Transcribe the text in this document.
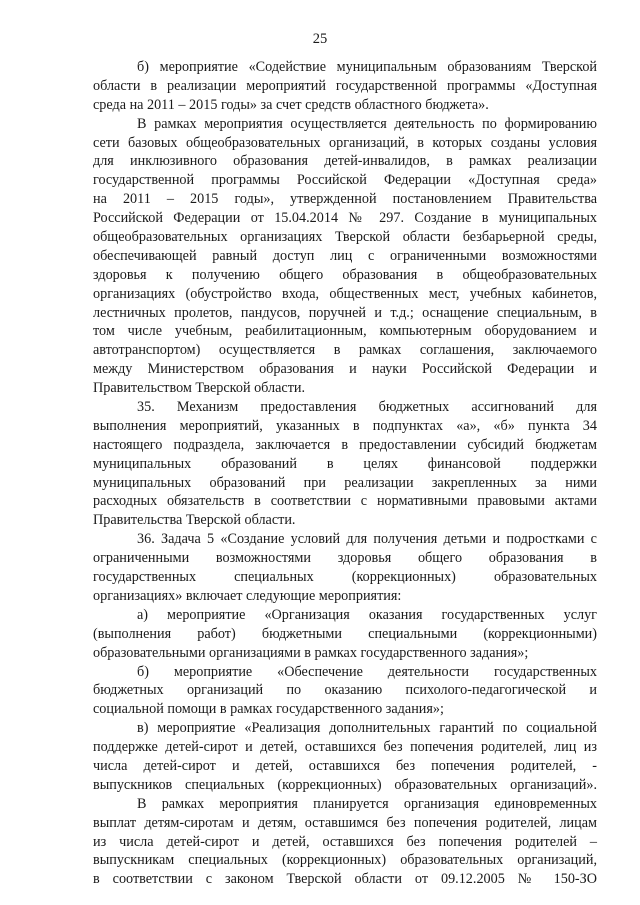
25
б) мероприятие «Содействие муниципальным образованиям Тверской
области в реализации мероприятий государственной программы «Доступная
среда на 2011 – 2015 годы» за счет средств областного бюджета».
В рамках мероприятия осуществляется деятельность по формированию
сети базовых общеобразовательных организаций, в которых созданы условия
для инклюзивного образования детей-инвалидов, в рамках реализации
государственной программы Российской Федерации «Доступная среда»
на 2011 – 2015 годы», утвержденной постановлением Правительства
Российской Федерации от 15.04.2014 № 297. Создание в муниципальных
общеобразовательных организациях Тверской области безбарьерной среды,
обеспечивающей равный доступ лиц с ограниченными возможностями
здоровья к получению общего образования в общеобразовательных
организациях (обустройство входа, общественных мест, учебных кабинетов,
лестничных пролетов, пандусов, поручней и т.д.; оснащение специальным, в
том числе учебным, реабилитационным, компьютерным оборудованием и
автотранспортом) осуществляется в рамках соглашения, заключаемого
между Министерством образования и науки Российской Федерации и
Правительством Тверской области.
35. Механизм предоставления бюджетных ассигнований для
выполнения мероприятий, указанных в подпунктах «а», «б» пункта 34
настоящего подраздела, заключается в предоставлении субсидий бюджетам
муниципальных образований в целях финансовой поддержки
муниципальных образований при реализации закрепленных за ними
расходных обязательств в соответствии с нормативными правовыми актами
Правительства Тверской области.
36. Задача 5 «Создание условий для получения детьми и подростками с
ограниченными возможностями здоровья общего образования в
государственных специальных (коррекционных) образовательных
организациях» включает следующие мероприятия:
а) мероприятие «Организация оказания государственных услуг
(выполнения работ) бюджетными специальными (коррекционными)
образовательными организациями в рамках государственного задания»;
б) мероприятие «Обеспечение деятельности государственных
бюджетных организаций по оказанию психолого-педагогической и
социальной помощи в рамках государственного задания»;
в) мероприятие «Реализация дополнительных гарантий по социальной
поддержке детей-сирот и детей, оставшихся без попечения родителей, лиц из
числа детей-сирот и детей, оставшихся без попечения родителей, -
выпускников специальных (коррекционных) образовательных организаций».
В рамках мероприятия планируется организация единовременных
выплат детям-сиротам и детям, оставшимся без попечения родителей, лицам
из числа детей-сирот и детей, оставшихся без попечения родителей –
выпускникам специальных (коррекционных) образовательных организаций,
в соответствии с законом Тверской области от 09.12.2005 № 150-ЗО
